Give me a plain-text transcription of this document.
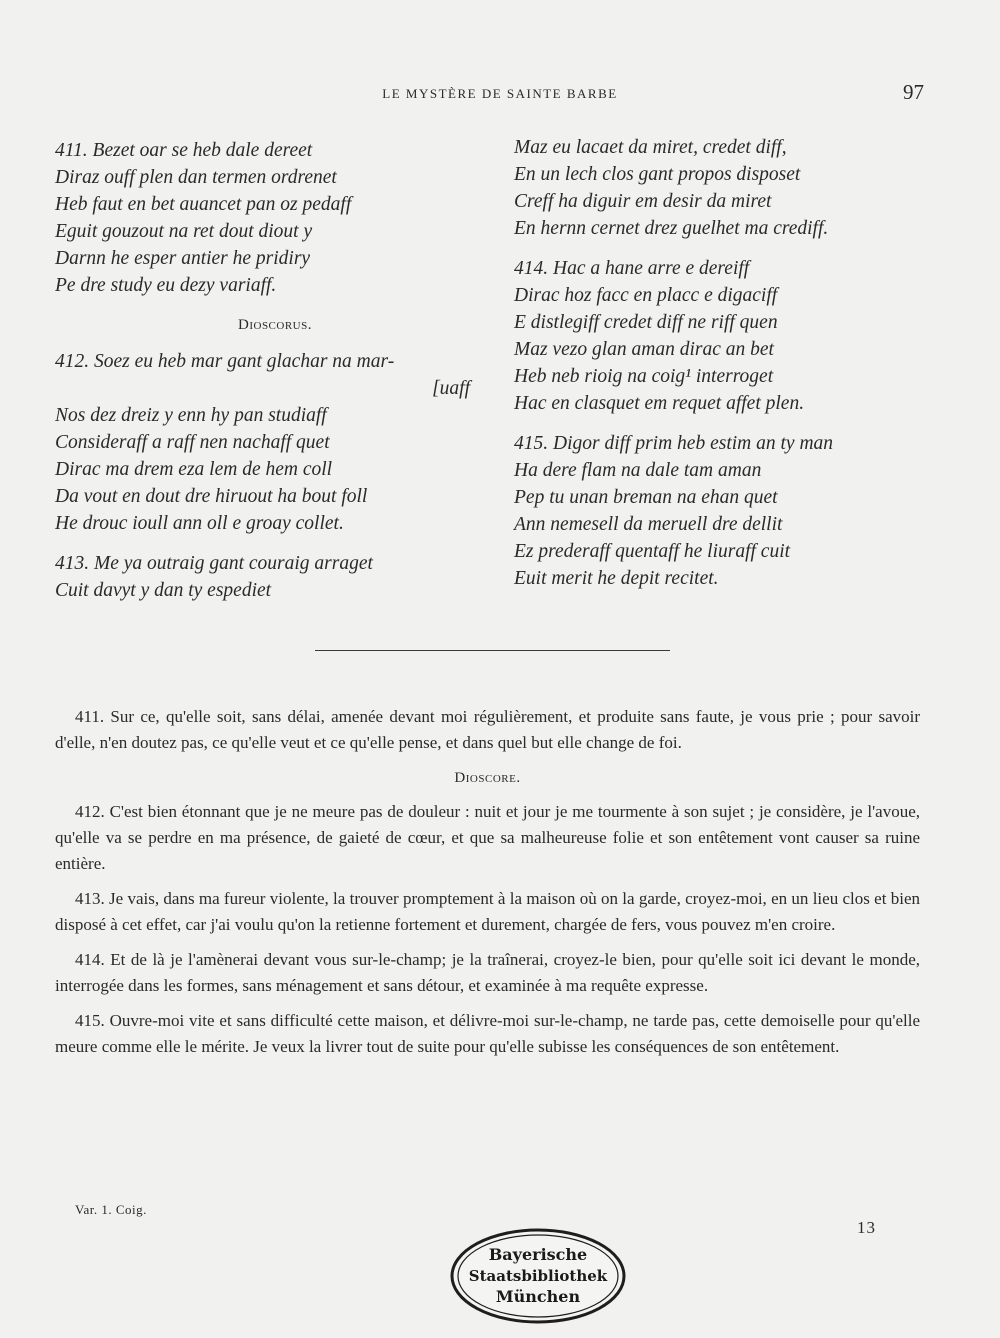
LE MYSTÈRE DE SAINTE BARBE	97
411. Bezet oar se heb dale dereet
Diraz ouff plen dan termen ordrenet
Heb faut en bet auancet pan oz pedaff
Eguit gouzout na ret dout diout y
Darnn he esper antier he pridiry
Pe dre study eu dezy variaff.
Dioscorus.
412. Soez eu heb mar gant glachar na mar-
[uaff
Nos dez dreiz y enn hy pan studiaff
Consideraff a raff nen nachaff quet
Dirac ma drem eza lem de hem coll
Da vout en dout dre hiruout ha bout foll
He drouc ioull ann oll e groay collet.
413. Me ya outraig gant couraig arraget
Cuit davyt y dan ty espediet
Maz eu lacaet da miret, credet diff,
En un lech clos gant propos disposet
Creff ha diguir em desir da miret
En hernn cernet drez guelhet ma crediff.
414. Hac a hane arre e dereiff
Dirac hoz facc en placc e digaciff
E distlegiff credet diff ne riff quen
Maz vezo glan aman dirac an bet
Heb neb rioig na coig¹ interroget
Hac en clasquet em requet affet plen.
415. Digor diff prim heb estim an ty man
Ha dere flam na dale tam aman
Pep tu unan breman na ehan quet
Ann nemesell da meruell dre dellit
Ez prederaff quentaff he liuraff cuit
Euit merit he depit recitet.

411. Sur ce, qu'elle soit, sans délai, amenée devant moi régulièrement, et produite sans faute, je vous prie ; pour savoir d'elle, n'en doutez pas, ce qu'elle veut et ce qu'elle pense, et dans quel but elle change de foi.

Dioscore.

412. C'est bien étonnant que je ne meure pas de douleur : nuit et jour je me tourmente à son sujet ; je considère, je l'avoue, qu'elle va se perdre en ma présence, de gaieté de cœur, et que sa malheureuse folie et son entêtement vont causer sa ruine entière.

413. Je vais, dans ma fureur violente, la trouver promptement à la maison où on la garde, croyez-moi, en un lieu clos et bien disposé à cet effet, car j'ai voulu qu'on la retienne fortement et durement, chargée de fers, vous pouvez m'en croire.

414. Et de là je l'amènerai devant vous sur-le-champ; je la traînerai, croyez-le bien, pour qu'elle soit ici devant le monde, interrogée dans les formes, sans ménagement et sans détour, et examinée à ma requête expresse.

415. Ouvre-moi vite et sans difficulté cette maison, et délivre-moi sur-le-champ, ne tarde pas, cette demoiselle pour qu'elle meure comme elle le mérite. Je veux la livrer tout de suite pour qu'elle subisse les conséquences de son entêtement.

Var. 1. Coig.
13
Bayerische
Staatsbibliothek
München
